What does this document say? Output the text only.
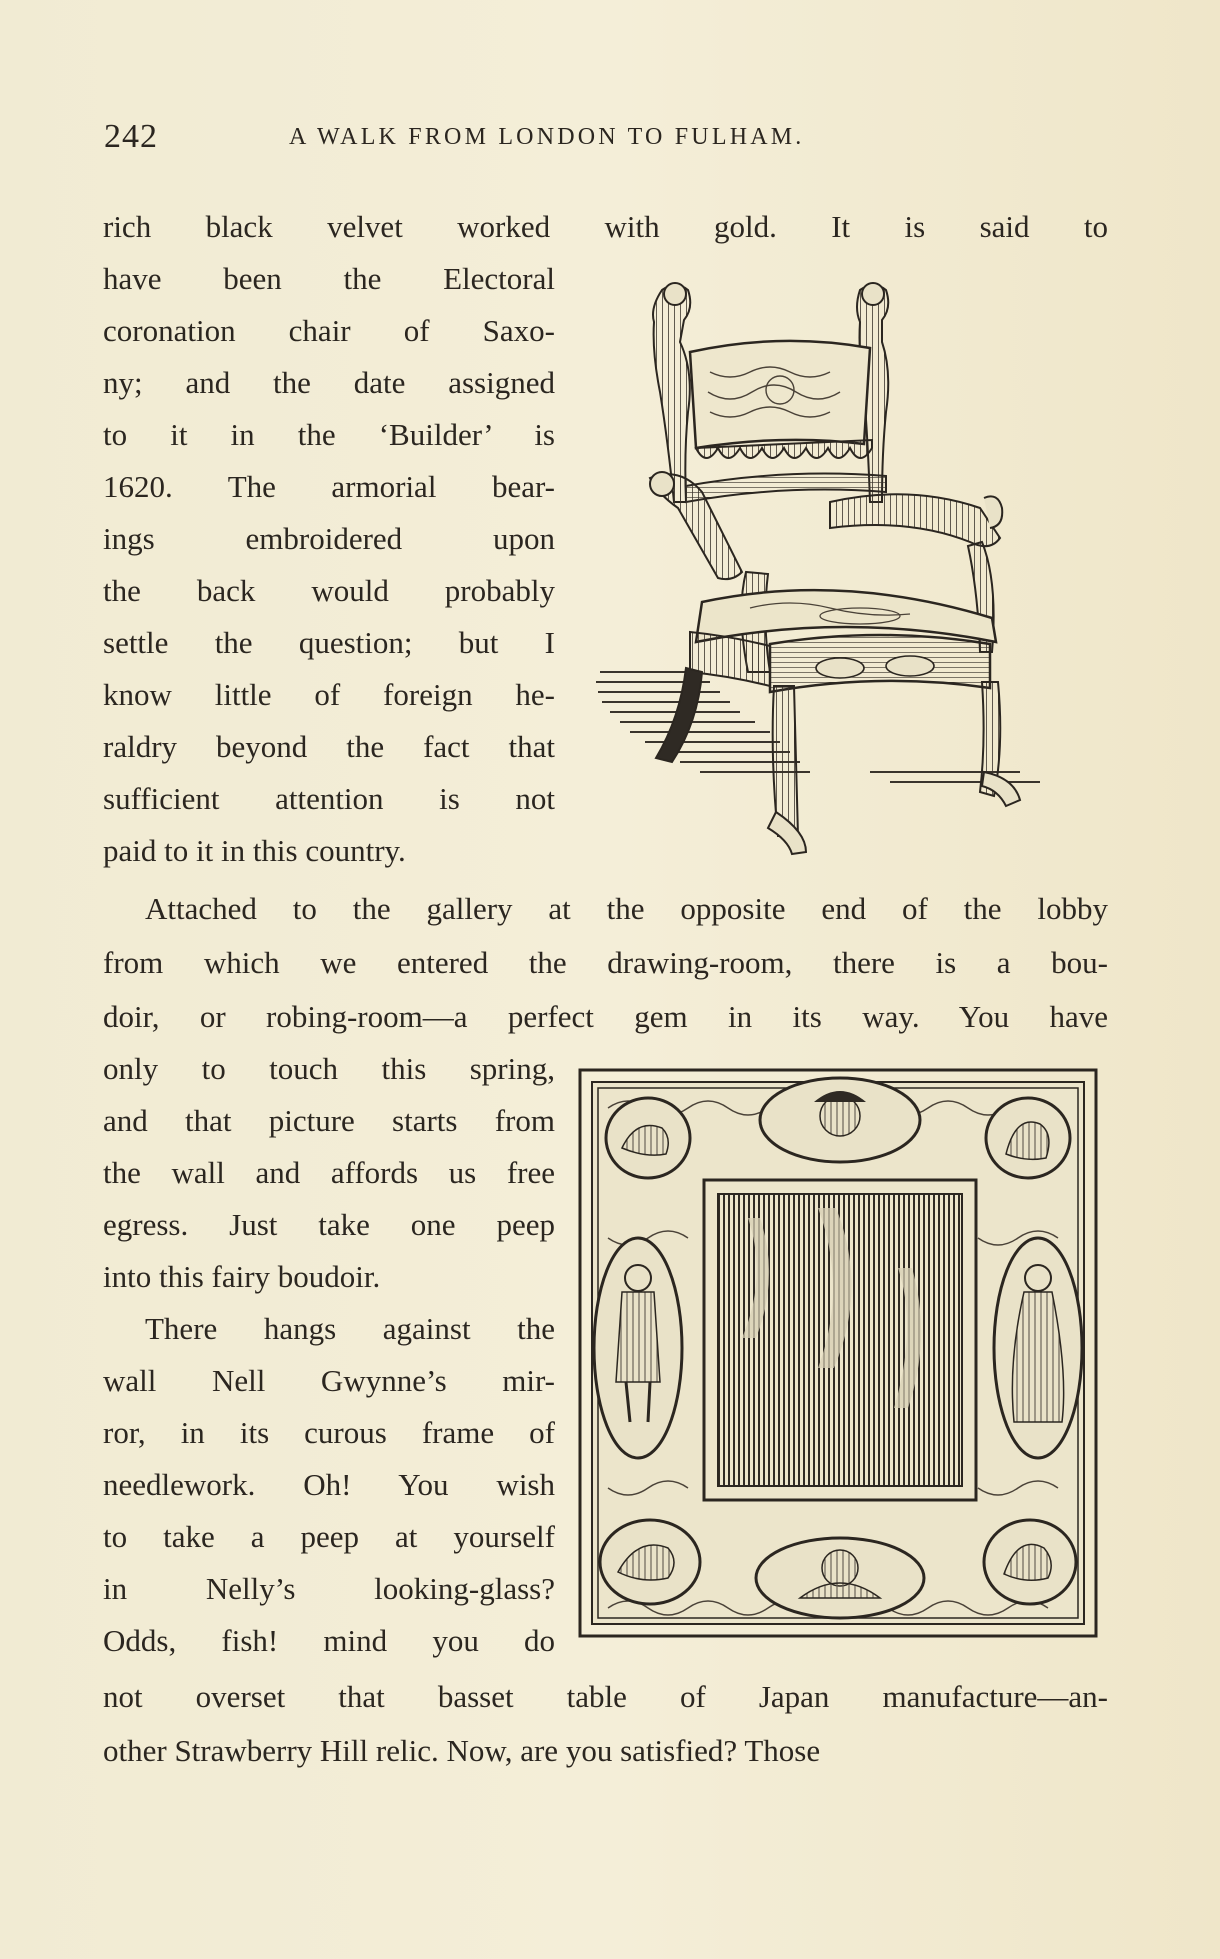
242	A WALK FROM LONDON TO FULHAM.
rich black velvet worked with gold. It is said to
have been the Electoral
coronation chair of Saxo-
ny; and the date assigned
to it in the ‘Builder’ is
1620. The armorial bear-
ings embroidered upon
the back would probably
settle the question; but I
know little of foreign he-
raldry beyond the fact that
sufficient attention is not
paid to it in this country.
Attached to the gallery at the opposite end of the lobby
from which we entered the drawing-room, there is a bou-
doir, or robing-room—a perfect gem in its way. You have
only to touch this spring,
and that picture starts from
the wall and affords us free
egress. Just take one peep
into this fairy boudoir.
There hangs against the
wall Nell Gwynne’s mir-
ror, in its curous frame of
needlework. Oh! You wish
to take a peep at yourself
in Nelly’s looking-glass?
Odds, fish! mind you do
not overset that basset table of Japan manufacture—an-
other Strawberry Hill relic. Now, are you satisfied? Those
